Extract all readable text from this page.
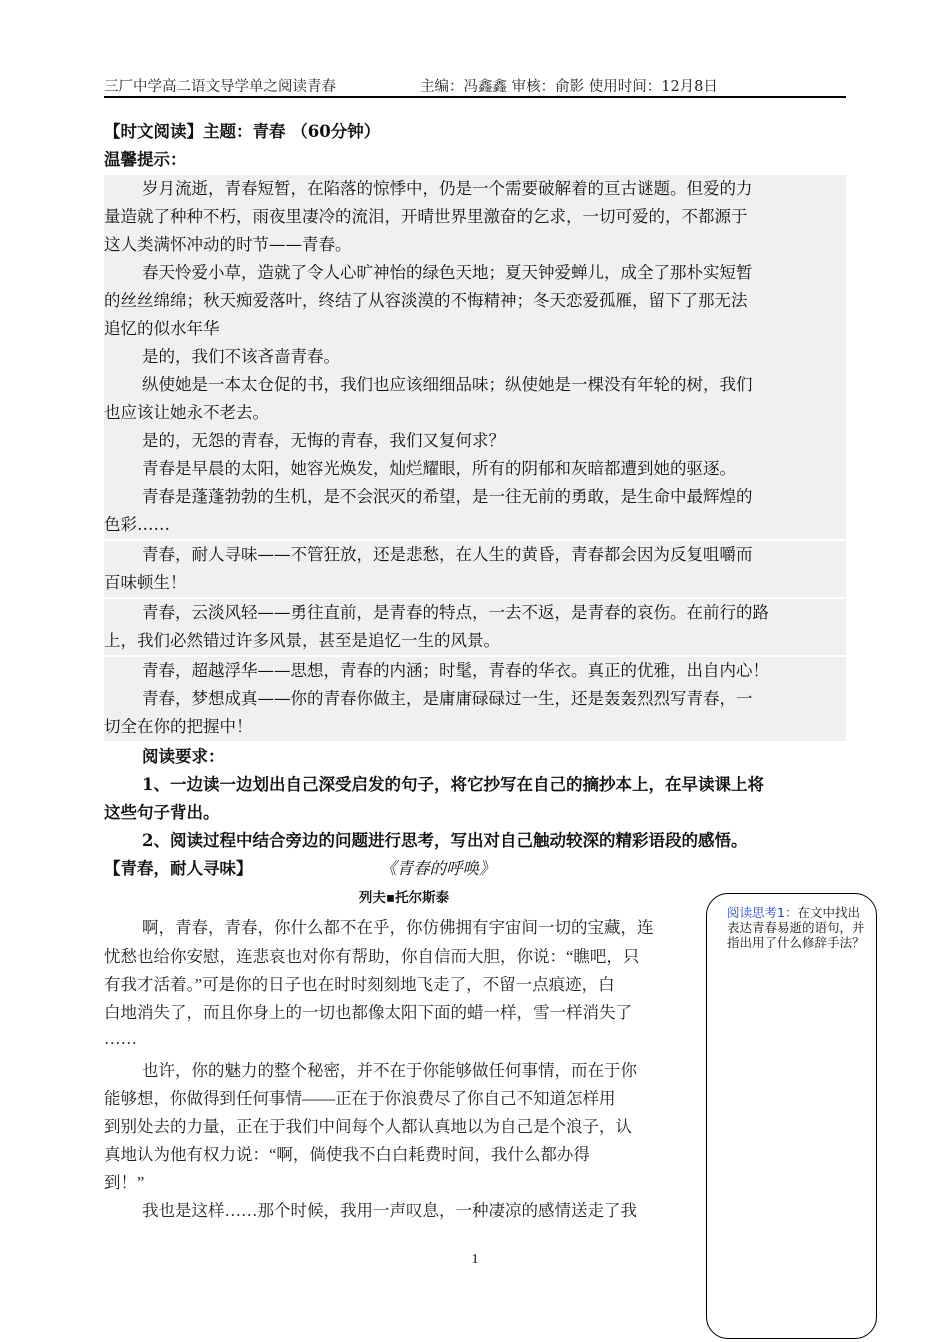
三厂中学高二语文导学单之阅读青春	主编：冯鑫鑫 审核：俞影 使用时间：12月8日
【时文阅读】主题：青春 （60分钟）
温馨提示：
岁月流逝，青春短暂，在陷落的惊悸中，仍是一个需要破解着的亘古谜题。但爱的力
量造就了种种不朽，雨夜里凄冷的流泪，开晴世界里激奋的乞求，一切可爱的，不都源于
这人类满怀冲动的时节——青春。
春天怜爱小草，造就了令人心旷神怡的绿色天地；夏天钟爱蝉儿，成全了那朴实短暂
的丝丝绵绵；秋天痴爱落叶，终结了从容淡漠的不悔精神；冬天恋爱孤雁，留下了那无法
追忆的似水年华
是的，我们不该吝啬青春。
纵使她是一本太仓促的书，我们也应该细细品味；纵使她是一棵没有年轮的树，我们
也应该让她永不老去。
是的，无怨的青春，无悔的青春，我们又复何求？
青春是早晨的太阳，她容光焕发，灿烂耀眼，所有的阴郁和灰暗都遭到她的驱逐。
青春是蓬蓬勃勃的生机，是不会泯灭的希望，是一往无前的勇敢，是生命中最辉煌的
色彩……
青春，耐人寻味——不管狂放，还是悲愁，在人生的黄昏，青春都会因为反复咀嚼而
百味顿生！
青春，云淡风轻——勇往直前，是青春的特点，一去不返，是青春的哀伤。在前行的路
上，我们必然错过许多风景，甚至是追忆一生的风景。
青春，超越浮华——思想，青春的内涵；时髦，青春的华衣。真正的优雅，出自内心！
青春，梦想成真——你的青春你做主，是庸庸碌碌过一生，还是轰轰烈烈写青春，一
切全在你的把握中！
阅读要求：
1、一边读一边划出自己深受启发的句子，将它抄写在自己的摘抄本上，在早读课上将
这些句子背出。
2、阅读过程中结合旁边的问题进行思考，写出对自己触动较深的精彩语段的感悟。
【青春，耐人寻味】	《青春的呼唤》
列夫▪托尔斯泰
啊，青春，青春，你什么都不在乎，你仿佛拥有宇宙间一切的宝藏，连
忧愁也给你安慰，连悲哀也对你有帮助，你自信而大胆，你说：“瞧吧，只
有我才活着。”可是你的日子也在时时刻刻地飞走了，不留一点痕迹，白
白地消失了，而且你身上的一切也都像太阳下面的蜡一样，雪一样消失了
……
也许，你的魅力的整个秘密，并不在于你能够做任何事情，而在于你
能够想，你做得到任何事情——正在于你浪费尽了你自己不知道怎样用
到别处去的力量，正在于我们中间每个人都认真地以为自己是个浪子，认
真地认为他有权力说：“啊，倘使我不白白耗费时间，我什么都办得
到！”
我也是这样……那个时候，我用一声叹息，一种凄凉的感情送走了我
阅读思考1：在文中找出表达青春易逝的语句，并指出用了什么修辞手法？
1
